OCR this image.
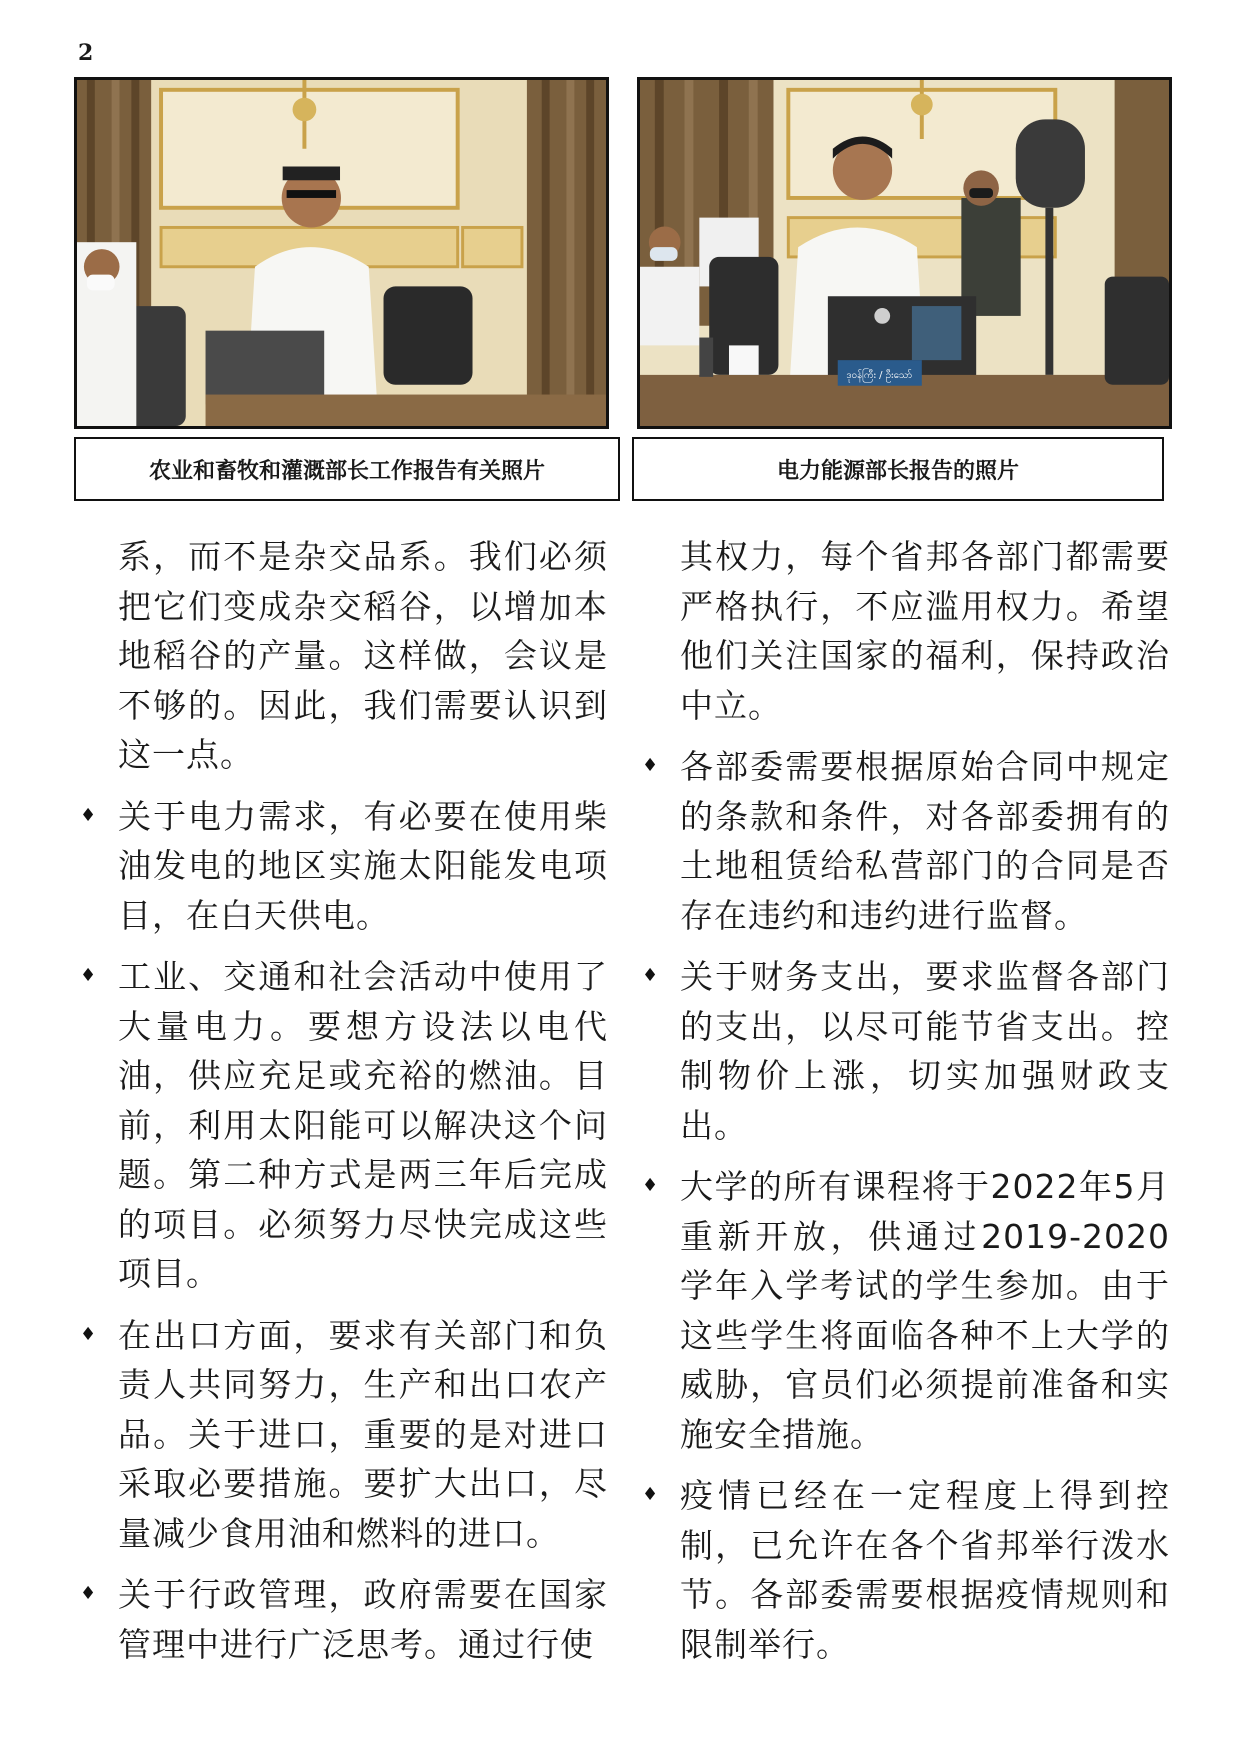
2
ဒုဝန်ကြီး / ဦးသော်
农业和畜牧和灌溉部长工作报告有关照片	电力能源部长报告的照片

系，而不是杂交品系。我们必须把它们变成杂交稻谷，以增加本地稻谷的产量。这样做，会议是不够的。因此，我们需要认识到这一点。

♦ 关于电力需求，有必要在使用柴油发电的地区实施太阳能发电项目，在白天供电。

♦ 工业、交通和社会活动中使用了大量电力。要想方设法以电代油，供应充足或充裕的燃油。目前，利用太阳能可以解决这个问题。第二种方式是两三年后完成的项目。必须努力尽快完成这些项目。

♦ 在出口方面，要求有关部门和负责人共同努力，生产和出口农产品。关于进口，重要的是对进口采取必要措施。要扩大出口，尽量减少食用油和燃料的进口。

♦ 关于行政管理，政府需要在国家管理中进行广泛思考。通过行使

其权力，每个省邦各部门都需要严格执行，不应滥用权力。希望他们关注国家的福利，保持政治中立。

♦ 各部委需要根据原始合同中规定的条款和条件，对各部委拥有的土地租赁给私营部门的合同是否存在违约和违约进行监督。

♦ 关于财务支出，要求监督各部门的支出，以尽可能节省支出。控制物价上涨，切实加强财政支出。

♦ 大学的所有课程将于2022年5月重新开放，供通过2019-2020学年入学考试的学生参加。由于这些学生将面临各种不上大学的威胁，官员们必须提前准备和实施安全措施。

♦ 疫情已经在一定程度上得到控制，已允许在各个省邦举行泼水节。各部委需要根据疫情规则和限制举行。
